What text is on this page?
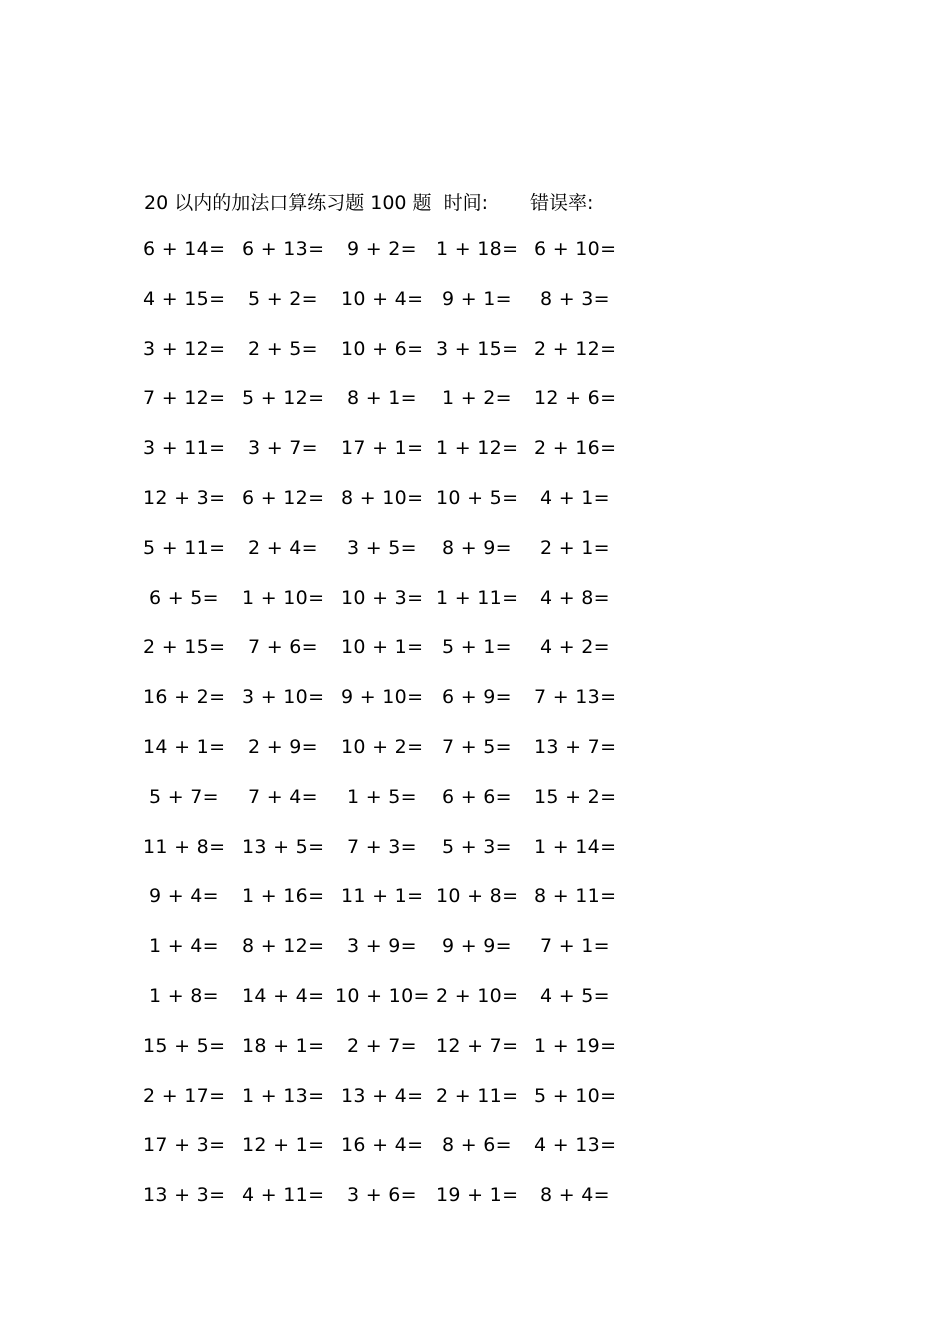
20 以内的加法口算练习题 100 题 时间: 错误率:
6 + 14= 6 + 13= 9 + 2= 1 + 18= 6 + 10=
4 + 15= 5 + 2= 10 + 4= 9 + 1= 8 + 3=
3 + 12= 2 + 5= 10 + 6= 3 + 15= 2 + 12=
7 + 12= 5 + 12= 8 + 1= 1 + 2= 12 + 6=
3 + 11= 3 + 7= 17 + 1= 1 + 12= 2 + 16=
12 + 3= 6 + 12= 8 + 10= 10 + 5= 4 + 1=
5 + 11= 2 + 4= 3 + 5= 8 + 9= 2 + 1=
6 + 5= 1 + 10= 10 + 3= 1 + 11= 4 + 8=
2 + 15= 7 + 6= 10 + 1= 5 + 1= 4 + 2=
16 + 2= 3 + 10= 9 + 10= 6 + 9= 7 + 13=
14 + 1= 2 + 9= 10 + 2= 7 + 5= 13 + 7=
5 + 7= 7 + 4= 1 + 5= 6 + 6= 15 + 2=
11 + 8= 13 + 5= 7 + 3= 5 + 3= 1 + 14=
9 + 4= 1 + 16= 11 + 1= 10 + 8= 8 + 11=
1 + 4= 8 + 12= 3 + 9= 9 + 9= 7 + 1=
1 + 8= 14 + 4= 10 + 10= 2 + 10= 4 + 5=
15 + 5= 18 + 1= 2 + 7= 12 + 7= 1 + 19=
2 + 17= 1 + 13= 13 + 4= 2 + 11= 5 + 10=
17 + 3= 12 + 1= 16 + 4= 8 + 6= 4 + 13=
13 + 3= 4 + 11= 3 + 6= 19 + 1= 8 + 4=
